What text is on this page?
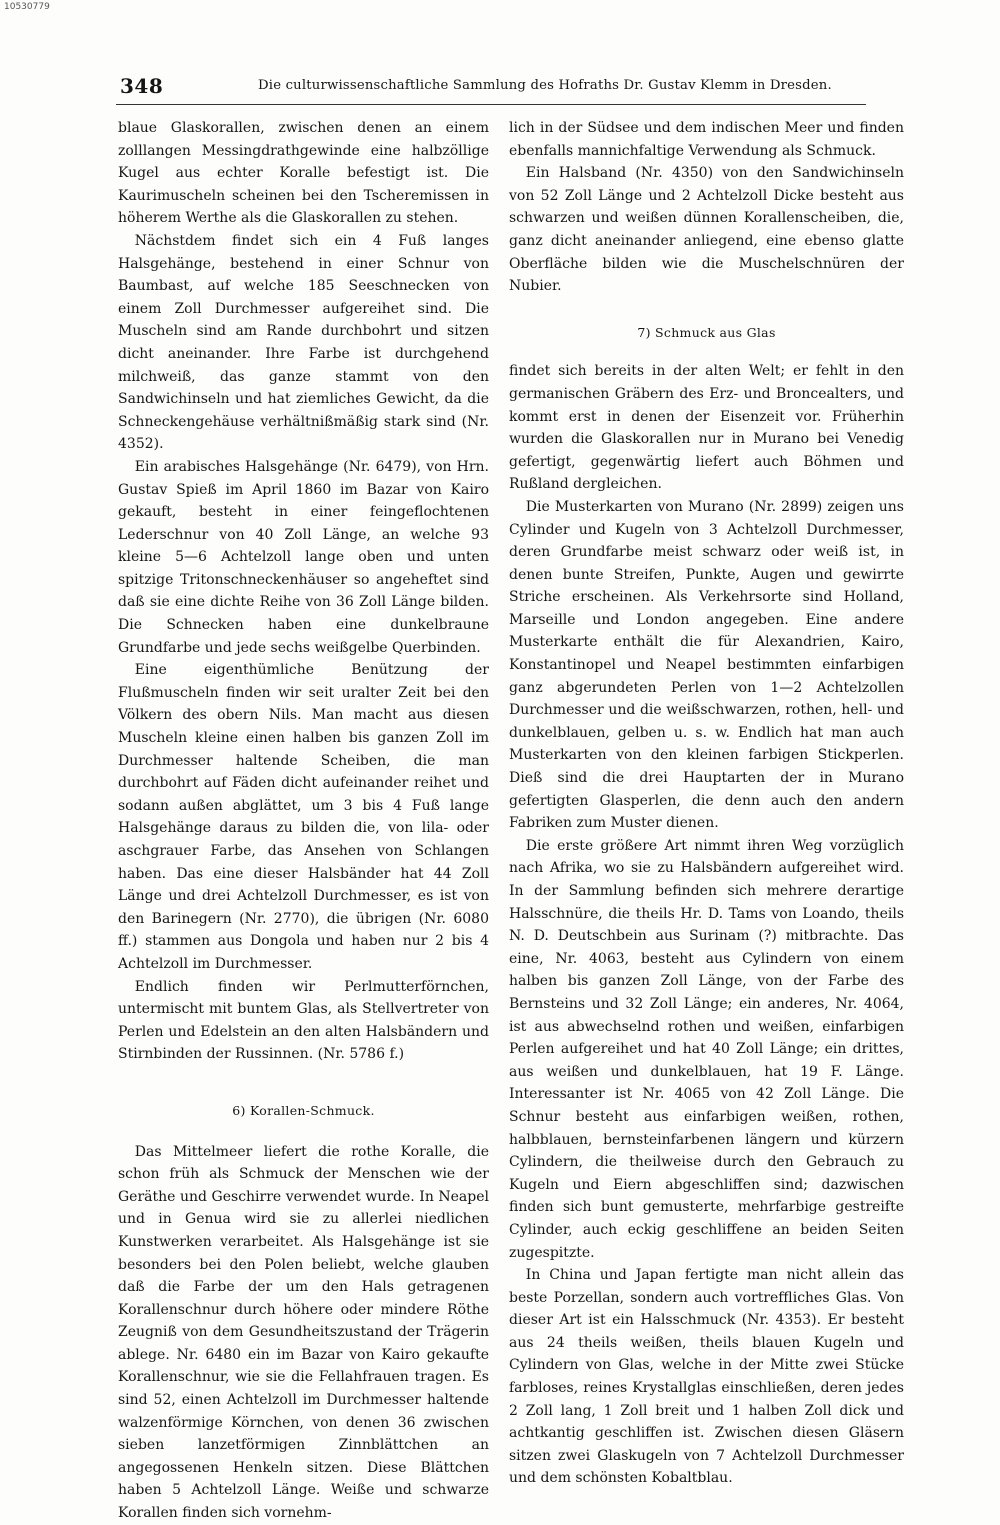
10530779
348	Die culturwissenschaftliche Sammlung des Hofraths Dr. Gustav Klemm in Dresden.

blaue Glaskorallen, zwischen denen an einem zolllangen Messingdrathgewinde eine halbzöllige Kugel aus echter Koralle befestigt ist. Die Kaurimuscheln scheinen bei den Tscheremissen in höherem Werthe als die Glaskorallen zu stehen.

Nächstdem findet sich ein 4 Fuß langes Halsgehänge, bestehend in einer Schnur von Baumbast, auf welche 185 Seeschnecken von einem Zoll Durchmesser aufgereihet sind. Die Muscheln sind am Rande durchbohrt und sitzen dicht aneinander. Ihre Farbe ist durchgehend milchweiß, das ganze stammt von den Sandwichinseln und hat ziemliches Gewicht, da die Schneckengehäuse verhältnißmäßig stark sind (Nr. 4352).

Ein arabisches Halsgehänge (Nr. 6479), von Hrn. Gustav Spieß im April 1860 im Bazar von Kairo gekauft, besteht in einer feingeflochtenen Lederschnur von 40 Zoll Länge, an welche 93 kleine 5—6 Achtelzoll lange oben und unten spitzige Tritonschneckenhäuser so angeheftet sind daß sie eine dichte Reihe von 36 Zoll Länge bilden. Die Schnecken haben eine dunkelbraune Grundfarbe und jede sechs weißgelbe Querbinden.

Eine eigenthümliche Benützung der Flußmuscheln finden wir seit uralter Zeit bei den Völkern des obern Nils. Man macht aus diesen Muscheln kleine einen halben bis ganzen Zoll im Durchmesser haltende Scheiben, die man durchbohrt auf Fäden dicht aufeinander reihet und sodann außen abglättet, um 3 bis 4 Fuß lange Halsgehänge daraus zu bilden die, von lila- oder aschgrauer Farbe, das Ansehen von Schlangen haben. Das eine dieser Halsbänder hat 44 Zoll Länge und drei Achtelzoll Durchmesser, es ist von den Barinegern (Nr. 2770), die übrigen (Nr. 6080 ff.) stammen aus Dongola und haben nur 2 bis 4 Achtelzoll im Durchmesser.

Endlich finden wir Perlmutterförnchen, untermischt mit buntem Glas, als Stellvertreter von Perlen und Edelstein an den alten Halsbändern und Stirnbinden der Russinnen. (Nr. 5786 f.)

6) Korallen-Schmuck.

Das Mittelmeer liefert die rothe Koralle, die schon früh als Schmuck der Menschen wie der Geräthe und Geschirre verwendet wurde. In Neapel und in Genua wird sie zu allerlei niedlichen Kunstwerken verarbeitet. Als Halsgehänge ist sie besonders bei den Polen beliebt, welche glauben daß die Farbe der um den Hals getragenen Korallenschnur durch höhere oder mindere Röthe Zeugniß von dem Gesundheitszustand der Trägerin ablege. Nr. 6480 ein im Bazar von Kairo gekaufte Korallenschnur, wie sie die Fellahfrauen tragen. Es sind 52, einen Achtelzoll im Durchmesser haltende walzenförmige Körnchen, von denen 36 zwischen sieben lanzetförmigen Zinnblättchen an angegossenen Henkeln sitzen. Diese Blättchen haben 5 Achtelzoll Länge. Weiße und schwarze Korallen finden sich vornehm-

lich in der Südsee und dem indischen Meer und finden ebenfalls mannichfaltige Verwendung als Schmuck.

Ein Halsband (Nr. 4350) von den Sandwichinseln von 52 Zoll Länge und 2 Achtelzoll Dicke besteht aus schwarzen und weißen dünnen Korallenscheiben, die, ganz dicht aneinander anliegend, eine ebenso glatte Oberfläche bilden wie die Muschelschnüren der Nubier.

7) Schmuck aus Glas

findet sich bereits in der alten Welt; er fehlt in den germanischen Gräbern des Erz- und Broncealters, und kommt erst in denen der Eisenzeit vor. Früherhin wurden die Glaskorallen nur in Murano bei Venedig gefertigt, gegenwärtig liefert auch Böhmen und Rußland dergleichen.

Die Musterkarten von Murano (Nr. 2899) zeigen uns Cylinder und Kugeln von 3 Achtelzoll Durchmesser, deren Grundfarbe meist schwarz oder weiß ist, in denen bunte Streifen, Punkte, Augen und gewirrte Striche erscheinen. Als Verkehrsorte sind Holland, Marseille und London angegeben. Eine andere Musterkarte enthält die für Alexandrien, Kairo, Konstantinopel und Neapel bestimmten einfarbigen ganz abgerundeten Perlen von 1—2 Achtelzollen Durchmesser und die weißschwarzen, rothen, hell- und dunkelblauen, gelben u. s. w. Endlich hat man auch Musterkarten von den kleinen farbigen Stickperlen. Dieß sind die drei Hauptarten der in Murano gefertigten Glasperlen, die denn auch den andern Fabriken zum Muster dienen.

Die erste größere Art nimmt ihren Weg vorzüglich nach Afrika, wo sie zu Halsbändern aufgereihet wird. In der Sammlung befinden sich mehrere derartige Halsschnüre, die theils Hr. D. Tams von Loando, theils N. D. Deutschbein aus Surinam (?) mitbrachte. Das eine, Nr. 4063, besteht aus Cylindern von einem halben bis ganzen Zoll Länge, von der Farbe des Bernsteins und 32 Zoll Länge; ein anderes, Nr. 4064, ist aus abwechselnd rothen und weißen, einfarbigen Perlen aufgereihet und hat 40 Zoll Länge; ein drittes, aus weißen und dunkelblauen, hat 19 F. Länge. Interessanter ist Nr. 4065 von 42 Zoll Länge. Die Schnur besteht aus einfarbigen weißen, rothen, halbblauen, bernsteinfarbenen längern und kürzern Cylindern, die theilweise durch den Gebrauch zu Kugeln und Eiern abgeschliffen sind; dazwischen finden sich bunt gemusterte, mehrfarbige gestreifte Cylinder, auch eckig geschliffene an beiden Seiten zugespitzte.

In China und Japan fertigte man nicht allein das beste Porzellan, sondern auch vortreffliches Glas. Von dieser Art ist ein Halsschmuck (Nr. 4353). Er besteht aus 24 theils weißen, theils blauen Kugeln und Cylindern von Glas, welche in der Mitte zwei Stücke farbloses, reines Krystallglas einschließen, deren jedes 2 Zoll lang, 1 Zoll breit und 1 halben Zoll dick und achtkantig geschliffen ist. Zwischen diesen Gläsern sitzen zwei Glaskugeln von 7 Achtelzoll Durchmesser und dem schönsten Kobaltblau.
